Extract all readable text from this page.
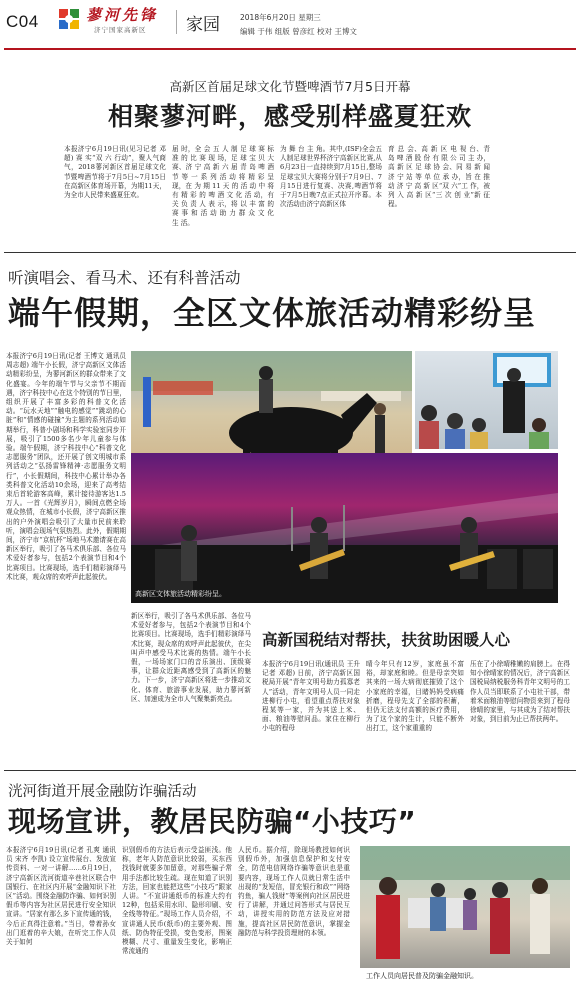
C04	蓼河先锋
济宁国家高新区 家园	2018年6月20日 星期三
编辑 于伟 组版 曾彦红 校对 王博文
高新区首届足球文化节暨啤酒节7月5日开幕
相聚蓼河畔，感受别样盛夏狂欢
本报济宁6月19日讯(见习记者 邓超) 赛 实“双 六 行动”，聚人气商气，2018蓼河新区首届足球文化节暨啤酒节将于7月5日~7月15日在高新区体育场开幕，为期11天，为全市人民带来盛夏狂欢。
届 时，全 会 五 人 制 足 球 赛 标 准 的 比 赛 现 场，足 球 宝 贝 大 赛、济 宁 高 新 六 届 青 岛 啤 酒 节 等 一 系 列 活 动 将 精 彩 呈 现，在 为 期 11 天 的 活 动 中 将 有 精 彩 的 啤 酒 文 化 活 动，有 关 负 责 人 表 示，将 以 丰 富 的 赛 事 和 活 动 助 力 群 众 文 化 生 活。
为 舞 台 主 角。其中,(ISF)全会五人制足球世界杯济宁高新区比赛,从6月23日一直持续到7月15日,整场足球宝贝大赛将分别于7月9日、7月15日进行复赛、决赛,啤酒节将于7月5日晚7点正式拉开序幕。本次活动由济宁高新区体
育 总 会、高 新 区 电 视 台、青 岛 啤 酒 股 份 有 限 公 司 主 办，高 新 区 足 球 协 会、同 易 新 闻 济 宁 站 等 单 位 承 办，旨 在 推 动 济 宁 高 新 区“双 六”工 作，被 列 入 高 新 区“三 次 创 业”新 征 程。
听演唱会、看马术、还有科普活动
端午假期，全区文体旅活动精彩纷呈
本报济宁6月19日讯(记者 王博文 通讯员 周志超) 端午小长假，济宁高新区文体活动精彩纷呈，为蓼河新区的群众带来了文化盛宴。今年的端午节与父亲节不期而遇，济宁科技中心在这个特别的节日里，组织开展了丰富多彩的科普文化活动。“玩水天地”“触电的感觉”“跳动的心脏”和“情感的碰撞”为主题的系列活动如期举行，科普小剧场和科学实验室同步开展，吸引了1500多名少年儿童参与体验。端午假期，济宁科技中心“科普文化志愿服务”团队，还开展了创文明城市系列活动之“弘扬雷锋精神·志愿服务文明行”，小长假期间，科技中心累计举办各类科普文化活动10余场，迎来了高考结束后首轮游客高峰，累计接待游客达1.5万人。一首《光辉岁月》，瞬间点燃全场观众热情，在城市小长假，济宁高新区推出的户外演唱会吸引了大量市民前来聆听，演唱会现场气氛热烈。此外，假期期间，济宁市“京杭杯”场地马术邀请赛在高新区举行，吸引了各马术俱乐部、各位马术爱好者参与，包括2个表演节目和4个比赛项目。比赛现场，选手们精彩演绎马术比赛，观众席的欢呼声此起彼伏。
高新区文体旅活动精彩纷呈。
新区举行，吸引了各马术俱乐部、各位马术爱好者参与，包括2个表演节目和4个比赛项目。比赛现场，选手们精彩演绎马术比赛，现众席的欢呼声此起彼伏，在尖叫声中感受马术比赛的热情。端午小长假，一场场家门口的音乐演出、顶级赛事，让群众近距离感受到了高新区的魅力。下一步，济宁高新区将进一步推动文化、体育、旅游事业发展，助力蓼河新区、加速成为全市人气聚集新亮点。
高新国税结对帮扶，扶贫助困暖人心
本报济宁6月19日讯(通讯员 王升 记者 邓超) 日前，济宁高新区国税局开展“青年文明号助力孤寡老人”活动，青年文明号人员一同走进柳行小屯，看望重点帮扶对象程某等一家，并为其送上米、面、粮油等慰问品。家住在柳行小屯的程母
晴今年只有12岁，家庭虽不富裕，却家庭和睦。但是母亲突如其来的一场大病彻底摧毁了这个小家庭的幸福，目睹妈妈受病痛折磨，程母先支了全部的积蓄，但仍无法支付高额的医疗费用，为了这个家的生计，只能不断外出打工，这个家重重的
压在了小徐晴稚嫩的肩膀上。在得知小徐晴家的情况后，济宁高新区国税局纳税服务科青年文明号的工作人员当即联系了小屯社干部，带着米面粮油等慰问物资来到了程母徐晴的家里，与其成为了结对帮扶对象，到目前为止已帮扶两年。
洸河街道开展金融防诈骗活动
现场宣讲，教居民防骗“小技巧”
本报济宁6月19日讯(记者 孔爽 通讯员 宋齐 李凯) 设立宣传展台、发放宣传资料、一对一讲解……6月19日，济宁高新区洸河街道辛巷社区联合中国银行、在社区内开展“金融知识下社区”活动。围绕金融防诈骗、如何识别假币等内容为社区居民进行安全知识宣讲。“居家有那么多下宣传通的钱，今后正真得注意着。”当日，带着孙女出门逛着的辛大娘，在听完工作人员关于如何
识别假币的方法后表示受益匪浅。他称，老年人防范意识比较弱，买东西找钱时就要多加留意，对那些骗子常用手法都比较生疏。现在知道了识别方法，回家也能把这些“小技巧”跟家人讲。“不宣讲通纸币的标准大约有12种，包括采用水印、隐形印刷、安全线等特征。”现场工作人员介绍，不宣讲通人民币(纸币)的主要外观、图纸、防伪特征受损，变色变形，图案模糊、尺寸、重量发生变化，影响正常流通的
人民币。据介绍，除现场教授如何识别假币外，加强信息保护和支付安全，防范电信网络诈骗等意识也是重要内容，现场工作人员就日常生活中出现的“发短信，冒充银行和政”“网络钓鱼，骗人钱财”等案例向社区居民进行了讲解，并通过问答形式与居民互动，讲授实用的防范方法及应对措施，提高社区居民防范意识，掌握金融防范与科学投资理财的本领。
工作人员向居民普及防骗金融知识。
